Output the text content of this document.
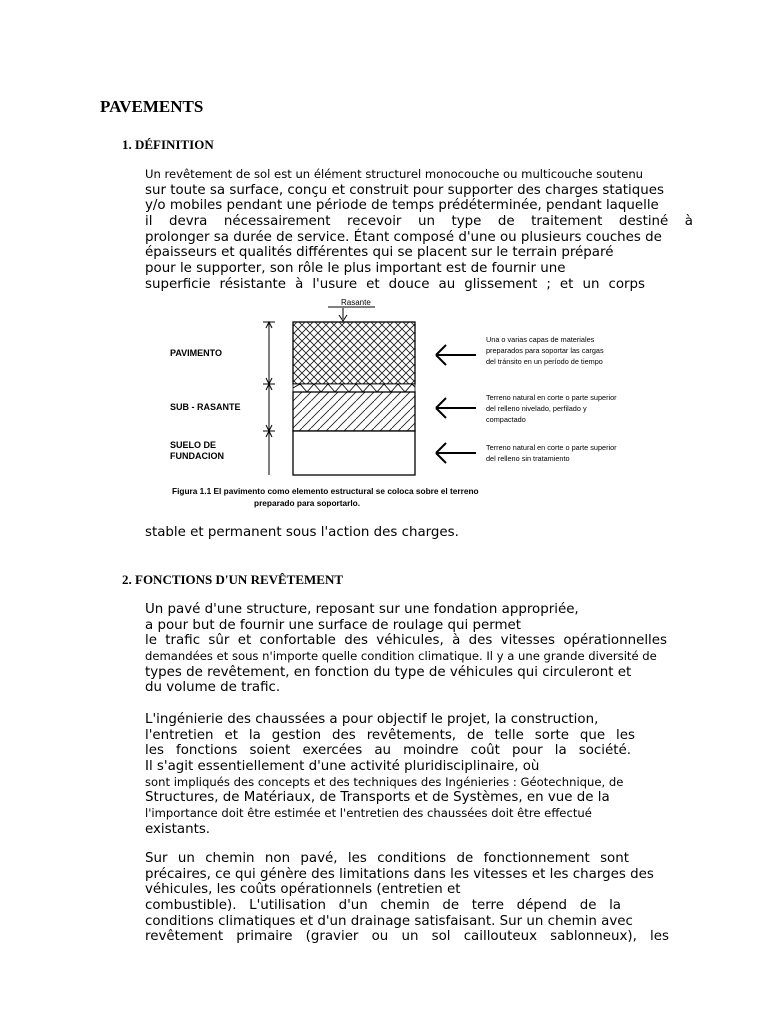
PAVEMENTS
1. DÉFINITION
Un revêtement de sol est un élément structurel monocouche ou multicouche soutenu
sur toute sa surface, conçu et construit pour supporter des charges statiques
y/o mobiles pendant une période de temps prédéterminée, pendant laquelle
il devra nécessairement recevoir un type de traitement destiné à
prolonger sa durée de service. Étant composé d'une ou plusieurs couches de
épaisseurs et qualités différentes qui se placent sur le terrain préparé
pour le supporter, son rôle le plus important est de fournir une
superficie résistante à l'usure et douce au glissement ; et un corps
Rasante
PAVIMENTO
SUB - RASANTE
SUELO DE
FUNDACION
Una o varias capas de materiales
preparados para soportar las cargas
del tránsito en un período de tiempo
Terreno natural en corte o parte superior
del relleno nivelado, perfilado y
compactado
Terreno natural en corte o parte superior
del relleno sin tratamiento
Figura 1.1 El pavimento como elemento estructural se coloca sobre el terreno
preparado para soportarlo.

stable et permanent sous l'action des charges.

2. FONCTIONS D'UN REVÊTEMENT
Un pavé d'une structure, reposant sur une fondation appropriée,
a pour but de fournir une surface de roulage qui permet
le trafic sûr et confortable des véhicules, à des vitesses opérationnelles
demandées et sous n'importe quelle condition climatique. Il y a une grande diversité de
types de revêtement, en fonction du type de véhicules qui circuleront et
du volume de trafic.
L'ingénierie des chaussées a pour objectif le projet, la construction,
l'entretien et la gestion des revêtements, de telle sorte que les
les fonctions soient exercées au moindre coût pour la société.
Il s'agit essentiellement d'une activité pluridisciplinaire, où
sont impliqués des concepts et des techniques des Ingénieries : Géotechnique, de
Structures, de Matériaux, de Transports et de Systèmes, en vue de la
l'importance doit être estimée et l'entretien des chaussées doit être effectué
existants.
Sur un chemin non pavé, les conditions de fonctionnement sont
précaires, ce qui génère des limitations dans les vitesses et les charges des
véhicules, les coûts opérationnels (entretien et
combustible). L'utilisation d'un chemin de terre dépend de la
conditions climatiques et d'un drainage satisfaisant. Sur un chemin avec
revêtement primaire (gravier ou un sol caillouteux sablonneux), les
